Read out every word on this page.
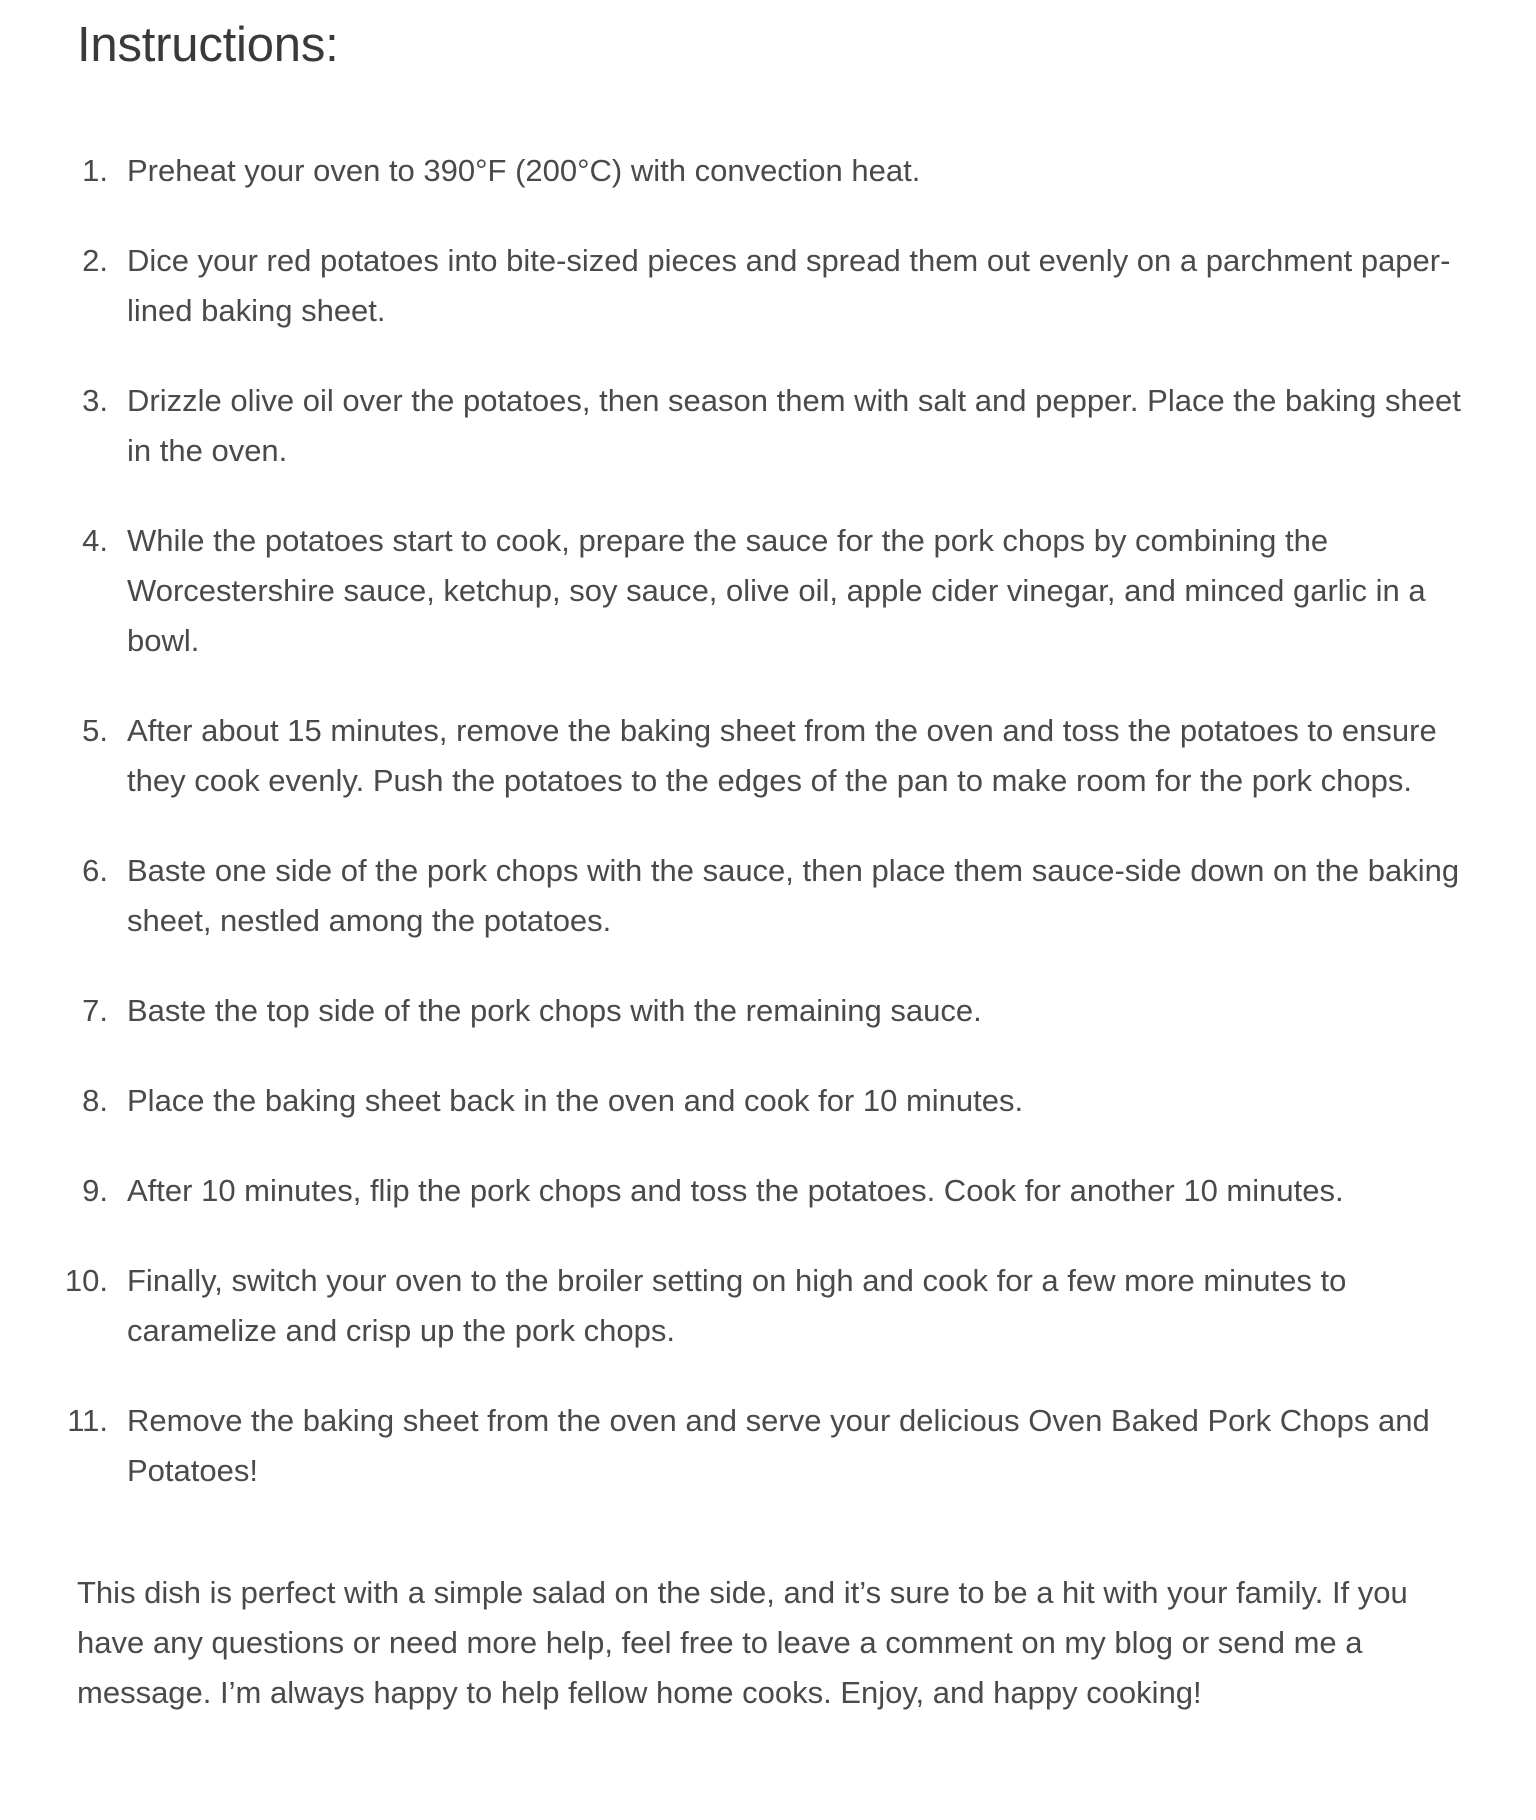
Instructions:
1. Preheat your oven to 390°F (200°C) with convection heat.
2. Dice your red potatoes into bite-sized pieces and spread them out evenly on a parchment paper-lined baking sheet.
3. Drizzle olive oil over the potatoes, then season them with salt and pepper. Place the baking sheet in the oven.
4. While the potatoes start to cook, prepare the sauce for the pork chops by combining the Worcestershire sauce, ketchup, soy sauce, olive oil, apple cider vinegar, and minced garlic in a bowl.
5. After about 15 minutes, remove the baking sheet from the oven and toss the potatoes to ensure they cook evenly. Push the potatoes to the edges of the pan to make room for the pork chops.
6. Baste one side of the pork chops with the sauce, then place them sauce-side down on the baking sheet, nestled among the potatoes.
7. Baste the top side of the pork chops with the remaining sauce.
8. Place the baking sheet back in the oven and cook for 10 minutes.
9. After 10 minutes, flip the pork chops and toss the potatoes. Cook for another 10 minutes.
10. Finally, switch your oven to the broiler setting on high and cook for a few more minutes to caramelize and crisp up the pork chops.
11. Remove the baking sheet from the oven and serve your delicious Oven Baked Pork Chops and Potatoes!

This dish is perfect with a simple salad on the side, and it’s sure to be a hit with your family. If you have any questions or need more help, feel free to leave a comment on my blog or send me a message. I’m always happy to help fellow home cooks. Enjoy, and happy cooking!
